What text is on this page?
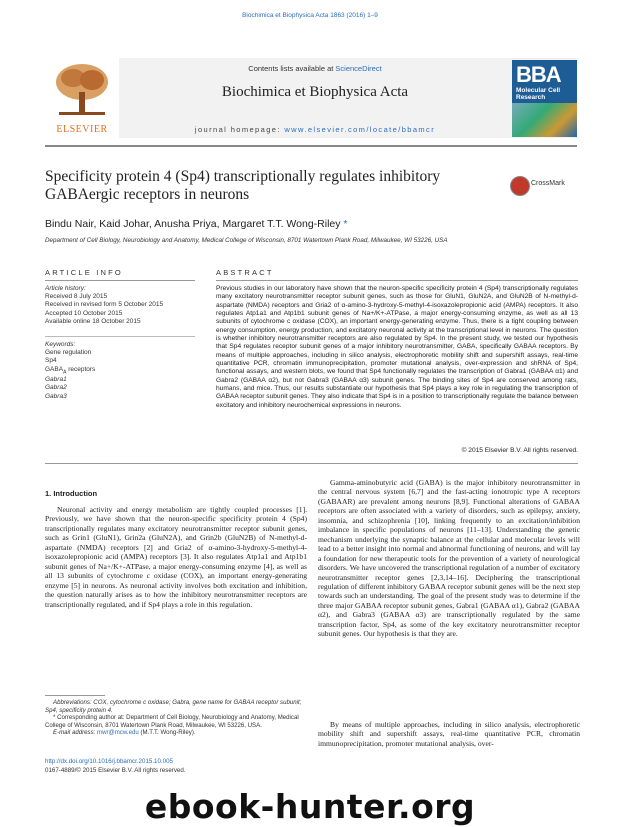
Biochimica et Biophysica Acta 1863 (2016) 1–9
ELSEVIER
Contents lists available at ScienceDirect
Biochimica et Biophysica Acta
journal homepage: www.elsevier.com/locate/bbamcr
BBA
Molecular Cell Research
Specificity protein 4 (Sp4) transcriptionally regulates inhibitory GABAergic receptors in neurons
CrossMark
Bindu Nair, Kaid Johar, Anusha Priya, Margaret T.T. Wong-Riley *
Department of Cell Biology, Neurobiology and Anatomy, Medical College of Wisconsin, 8701 Watertown Plank Road, Milwaukee, WI 53226, USA
ARTICLE INFO	ABSTRACT
Article history:
Received 8 July 2015
Received in revised form 5 October 2015
Accepted 10 October 2015
Available online 18 October 2015
Keywords:
Gene regulation
Sp4
$GABA_A$ receptors
Gabra1
Gabra2
Gabra3
Previous studies in our laboratory have shown that the neuron-specific specificity protein 4 (Sp4) transcriptionally regulates many excitatory neurotransmitter receptor subunit genes, such as those for GluN1, GluN2A, and GluN2B of N-methyl-d-aspartate (NMDA) receptors and Gria2 of α-amino-3-hydroxy-5-methyl-4-isoxazolepropionic acid (AMPA) receptors. It also regulates Atp1a1 and Atp1b1 subunit genes of Na+/K+-ATPase, a major energy-consuming enzyme, as well as all 13 subunits of cytochrome c oxidase (COX), an important energy-generating enzyme. Thus, there is a tight coupling between energy consumption, energy production, and excitatory neuronal activity at the transcriptional level in neurons. The question is whether inhibitory neurotransmitter receptors are also regulated by Sp4. In the present study, we tested our hypothesis that Sp4 regulates receptor subunit genes of a major inhibitory neurotransmitter, GABA, specifically GABAA receptors. By means of multiple approaches, including in silico analysis, electrophoretic mobility shift and supershift assays, real-time quantitative PCR, chromatin immunoprecipitation, promoter mutational analysis, over-expression and shRNA of Sp4, functional assays, and western blots, we found that Sp4 functionally regulates the transcription of Gabra1 (GABAA α1) and Gabra2 (GABAA α2), but not Gabra3 (GABAA α3) subunit genes. The binding sites of Sp4 are conserved among rats, humans, and mice. Thus, our results substantiate our hypothesis that Sp4 plays a key role in regulating the transcription of GABAA receptor subunit genes. They also indicate that Sp4 is in a position to transcriptionally regulate the balance between excitatory and inhibitory neurochemical expressions in neurons.
© 2015 Elsevier B.V. All rights reserved.
1. Introduction
Neuronal activity and energy metabolism are tightly coupled processes [1]. Previously, we have shown that the neuron-specific specificity protein 4 (Sp4) transcriptionally regulates many excitatory neurotransmitter receptor subunit genes, such as Grin1 (GluN1), Grin2a (GluN2A), and Grin2b (GluN2B) of N-methyl-d-aspartate (NMDA) receptors [2] and Gria2 of α-amino-3-hydroxy-5-methyl-4-isoxazolepropionic acid (AMPA) receptors [3]. It also regulates Atp1a1 and Atp1b1 subunit genes of Na+/K+-ATPase, a major energy-consuming enzyme [4], as well as all 13 subunits of cytochrome c oxidase (COX), an important energy-generating enzyme [5] in neurons. As neuronal activity involves both excitation and inhibition, the question naturally arises as to how the inhibitory neurotransmitter receptors are transcriptionally regulated, and if Sp4 plays a role in this regulation.
Gamma-aminobutyric acid (GABA) is the major inhibitory neurotransmitter in the central nervous system [6,7] and the fast-acting ionotropic type A receptors (GABAAR) are prevalent among neurons [8,9]. Functional alterations of GABAA receptors are often associated with a variety of disorders, such as epilepsy, anxiety, insomnia, and schizophrenia [10], linking frequently to an excitation/inhibition imbalance in specific populations of neurons [11–13]. Understanding the genetic mechanism underlying the synaptic balance at the cellular and molecular levels will lead to a better insight into normal and abnormal functioning of neurons, and will lay a foundation for new therapeutic tools for the prevention of a variety of neurological disorders. We have uncovered the transcriptional regulation of a number of excitatory neurotransmitter receptor genes [2,3,14–16]. Deciphering the transcriptional regulation of different inhibitory GABAA receptor subunit genes will be the next step towards such an understanding. The goal of the present study was to determine if the three major GABAA receptor subunit genes, Gabra1 (GABAA α1), Gabra2 (GABAA α2), and Gabra3 (GABAA α3) are transcriptionally regulated by the same transcription factor, Sp4, as some of the key excitatory neurotransmitter receptor subunit genes. Our hypothesis is that they are.
By means of multiple approaches, including in silico analysis, electrophoretic mobility shift and supershift assays, real-time quantitative PCR, chromatin immunoprecipitation, promoter mutational analysis, over-

Abbreviations: COX, cytochrome c oxidase; Gabra, gene name for GABAA receptor subunit; Sp4, specificity protein 4.

* Corresponding author at: Department of Cell Biology, Neurobiology and Anatomy, Medical College of Wisconsin, 8701 Watertown Plank Road, Milwaukee, WI 53226, USA.

E-mail address: mwr@mcw.edu (M.T.T. Wong-Riley).

http://dx.doi.org/10.1016/j.bbamcr.2015.10.005
0167-4889/© 2015 Elsevier B.V. All rights reserved.
ebook-hunter.org
